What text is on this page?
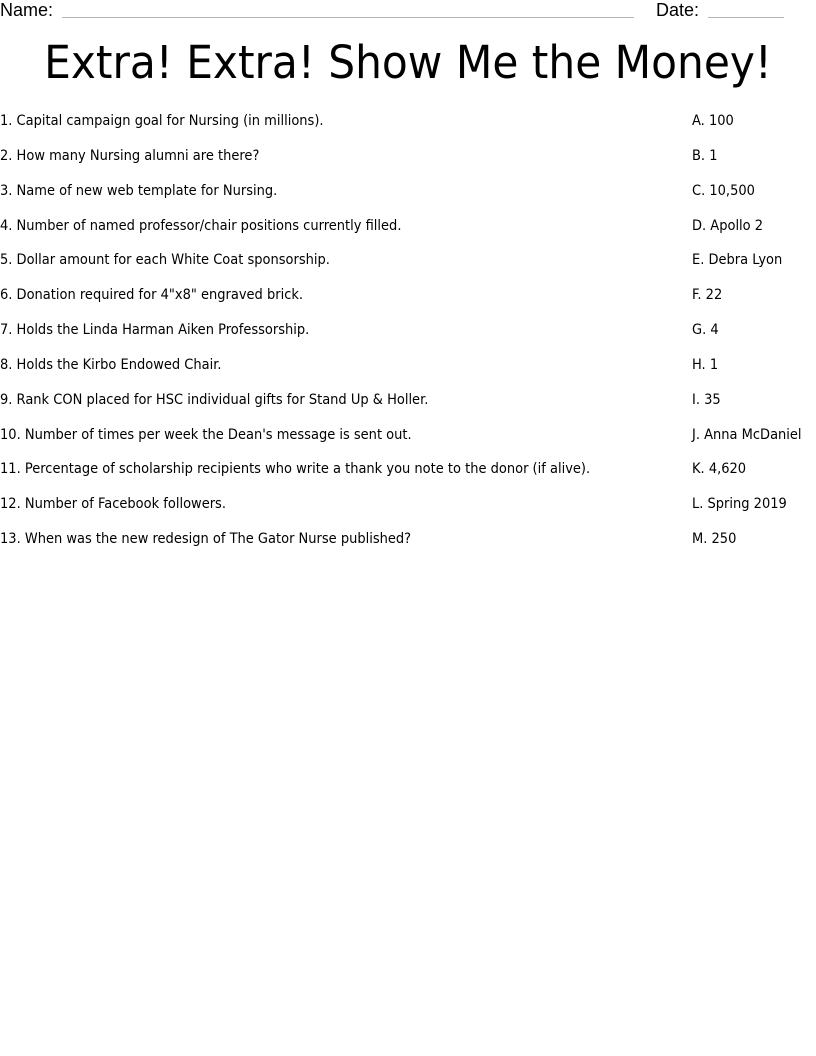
Name:	Date:
Extra! Extra! Show Me the Money!
1. Capital campaign goal for Nursing (in millions).
2. How many Nursing alumni are there?
3. Name of new web template for Nursing.
4. Number of named professor/chair positions currently filled.
5. Dollar amount for each White Coat sponsorship.
6. Donation required for 4"x8" engraved brick.
7. Holds the Linda Harman Aiken Professorship.
8. Holds the Kirbo Endowed Chair.
9. Rank CON placed for HSC individual gifts for Stand Up & Holler.
10. Number of times per week the Dean's message is sent out.
11. Percentage of scholarship recipients who write a thank you note to the donor (if alive).
12. Number of Facebook followers.
13. When was the new redesign of The Gator Nurse published?
A. 100
B. 1
C. 10,500
D. Apollo 2
E. Debra Lyon
F. 22
G. 4
H. 1
I. 35
J. Anna McDaniel
K. 4,620
L. Spring 2019
M. 250
